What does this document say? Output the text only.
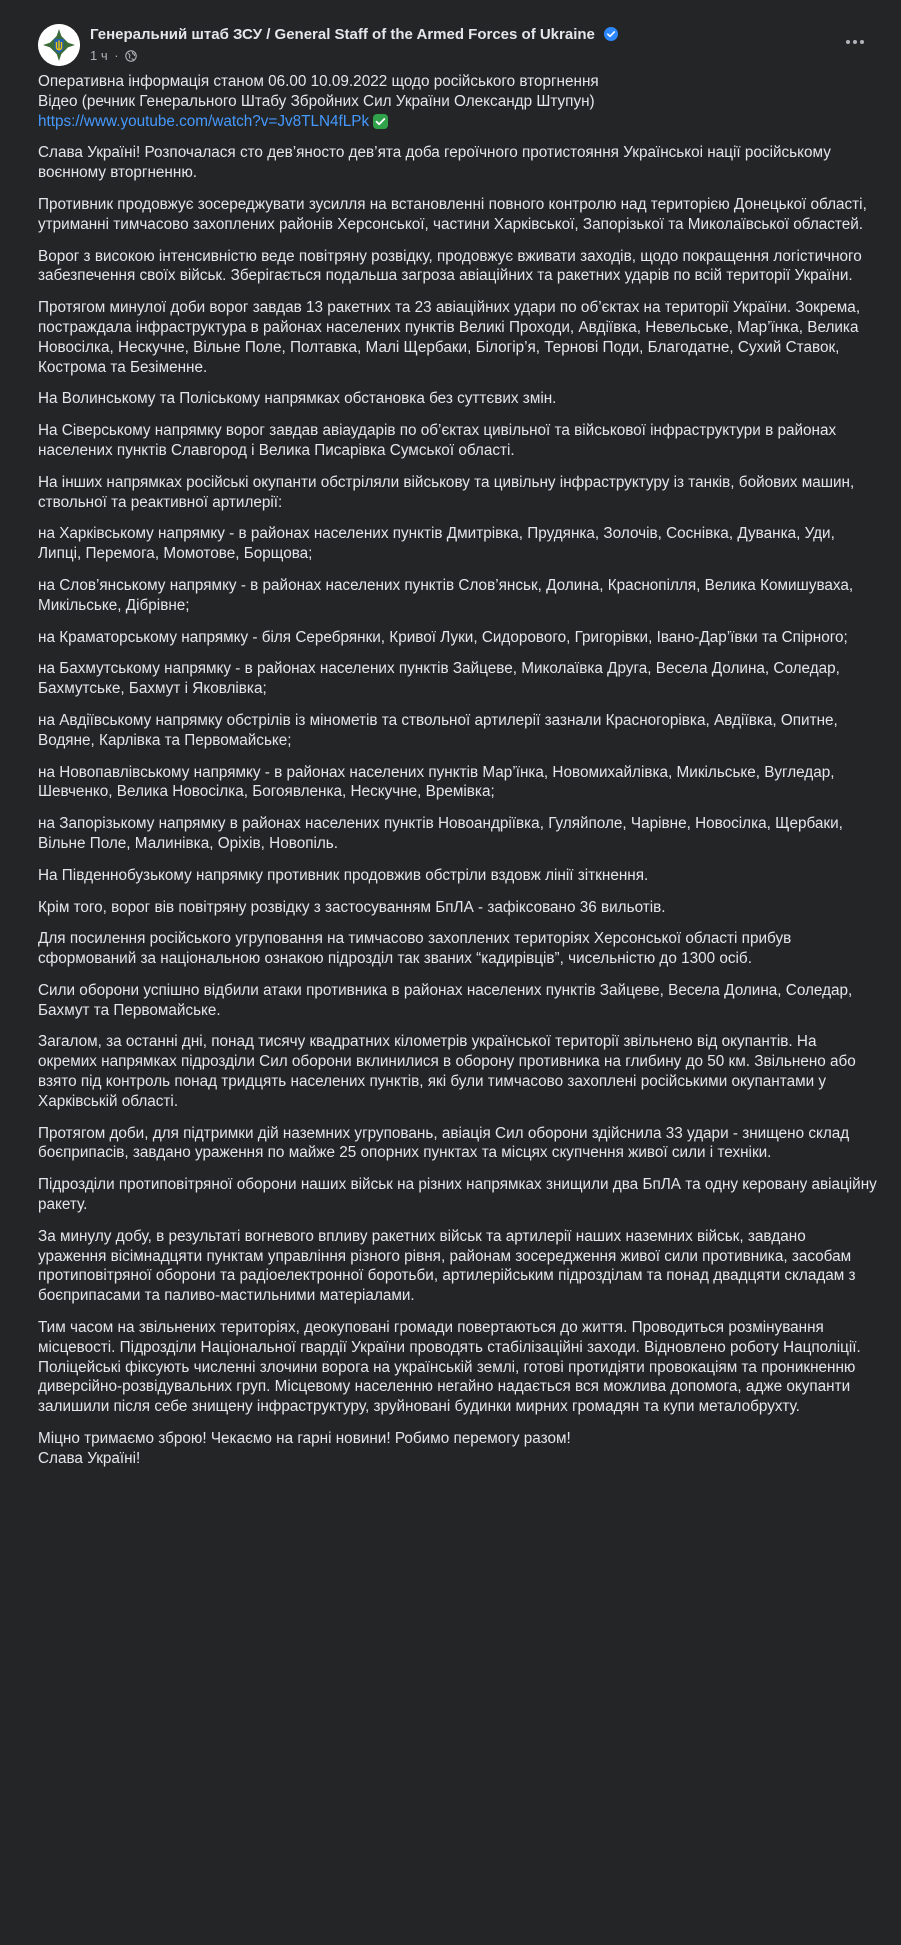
Генеральний штаб ЗСУ / General Staff of the Armed Forces of Ukraine
1 ч ·

Оперативна інформація станом 06.00 10.09.2022 щодо російського вторгнення
Відео (речник Генерального Штабу Збройних Сил України Олександр Штупун)
https://www.youtube.com/watch?v=Jv8TLN4fLPk

Слава Україні! Розпочалася сто дев’яносто дев’ята доба героїчного протистояння Українськоі нації російському воєнному вторгненню.

Противник продовжує зосереджувати зусилля на встановленні повного контролю над територією Донецької області, утриманні тимчасово захоплених районів Херсонської, частини Харківської, Запорізької та Миколаївської областей.

Ворог з високою інтенсивністю веде повітряну розвідку, продовжує вживати заходів, щодо покращення логістичного забезпечення своїх військ. Зберігається подальша загроза авіаційних та ракетних ударів по всій території України.

Протягом минулої доби ворог завдав 13 ракетних та 23 авіаційних удари по об’єктах на території України. Зокрема, постраждала інфраструктура в районах населених пунктів Великі Проходи, Авдіївка, Невельське, Мар’їнка, Велика Новосілка, Нескучне, Вільне Поле, Полтавка, Малі Щербаки, Білогір’я, Тернові Поди, Благодатне, Сухий Ставок, Кострома та Безіменне.

На Волинському та Поліському напрямках обстановка без суттєвих змін.

На Сіверському напрямку ворог завдав авіаударів по об’єктах цивільної та військової інфраструктури в районах населених пунктів Славгород і Велика Писарівка Сумської області.

На інших напрямках російські окупанти обстріляли військову та цивільну інфраструктуру із танків, бойових машин, ствольної та реактивної артилерії:

на Харківському напрямку - в районах населених пунктів Дмитрівка, Прудянка, Золочів, Соснівка, Дуванка, Уди, Липці, Перемога, Момотове, Борщова;

на Слов’янському напрямку - в районах населених пунктів Слов’янськ, Долина, Краснопілля, Велика Комишуваха, Микільське, Дібрівне;

на Краматорському напрямку - біля Серебрянки, Кривої Луки, Сидорового, Григорівки, Івано-Дар’ївки та Спірного;

на Бахмутському напрямку - в районах населених пунктів Зайцеве, Миколаївка Друга, Весела Долина, Соледар, Бахмутське, Бахмут і Яковлівка;

на Авдіївському напрямку обстрілів із мінометів та ствольної артилерії зазнали Красногорівка, Авдіївка, Опитне, Водяне, Карлівка та Первомайське;

на Новопавлівському напрямку - в районах населених пунктів Мар’їнка, Новомихайлівка, Микільське, Вугледар, Шевченко, Велика Новосілка, Богоявленка, Нескучне, Времівка;

на Запорізькому напрямку в районах населених пунктів Новоандріївка, Гуляйполе, Чарівне, Новосілка, Щербаки, Вільне Поле, Малинівка, Оріхів, Новопіль.

На Південнобузькому напрямку противник продовжив обстріли вздовж лінії зіткнення.

Крім того, ворог вів повітряну розвідку з застосуванням БпЛА - зафіксовано 36 вильотів.

Для посилення російського угруповання на тимчасово захоплених територіях Херсонської області прибув сформований за національною ознакою підрозділ так званих “кадирівців”, чисельністю до 1300 осіб.

Сили оборони успішно відбили атаки противника в районах населених пунктів Зайцеве, Весела Долина, Соледар, Бахмут та Первомайське.

Загалом, за останні дні, понад тисячу квадратних кілометрів української території звільнено від окупантів. На окремих напрямках підрозділи Сил оборони вклинилися в оборону противника на глибину до 50 км. Звільнено або взято під контроль понад тридцять населених пунктів, які були тимчасово захоплені російськими окупантами у Харківській області.

Протягом доби, для підтримки дій наземних угруповань, авіація Сил оборони здійснила 33 удари - знищено склад боєприпасів, завдано ураження по майже 25 опорних пунктах та місцях скупчення живої сили і техніки.

Підрозділи протиповітряної оборони наших військ на різних напрямках знищили два БпЛА та одну керовану авіаційну ракету.

За минулу добу, в результаті вогневого впливу ракетних військ та артилерії наших наземних військ, завдано ураження вісімнадцяти пунктам управління різного рівня, районам зосередження живої сили противника, засобам протиповітряної оборони та радіоелектронної боротьби, артилерійським підрозділам та понад двадцяти складам з боєприпасами та паливо-мастильними матеріалами.

Тим часом на звільнених територіях, деокуповані громади повертаються до життя. Проводиться розмінування місцевості. Підрозділи Національної гвардії України проводять стабілізаційні заходи. Відновлено роботу Нацполіції. Поліцейські фіксують численні злочини ворога на українській землі, готові протидіяти провокаціям та проникненню диверсійно-розвідувальних груп. Місцевому населенню негайно надається вся можлива допомога, адже окупанти залишили після себе знищену інфраструктуру, зруйновані будинки мирних громадян та купи металобрухту.

Міцно тримаємо зброю! Чекаємо на гарні новини! Робимо перемогу разом!
Слава Україні!
